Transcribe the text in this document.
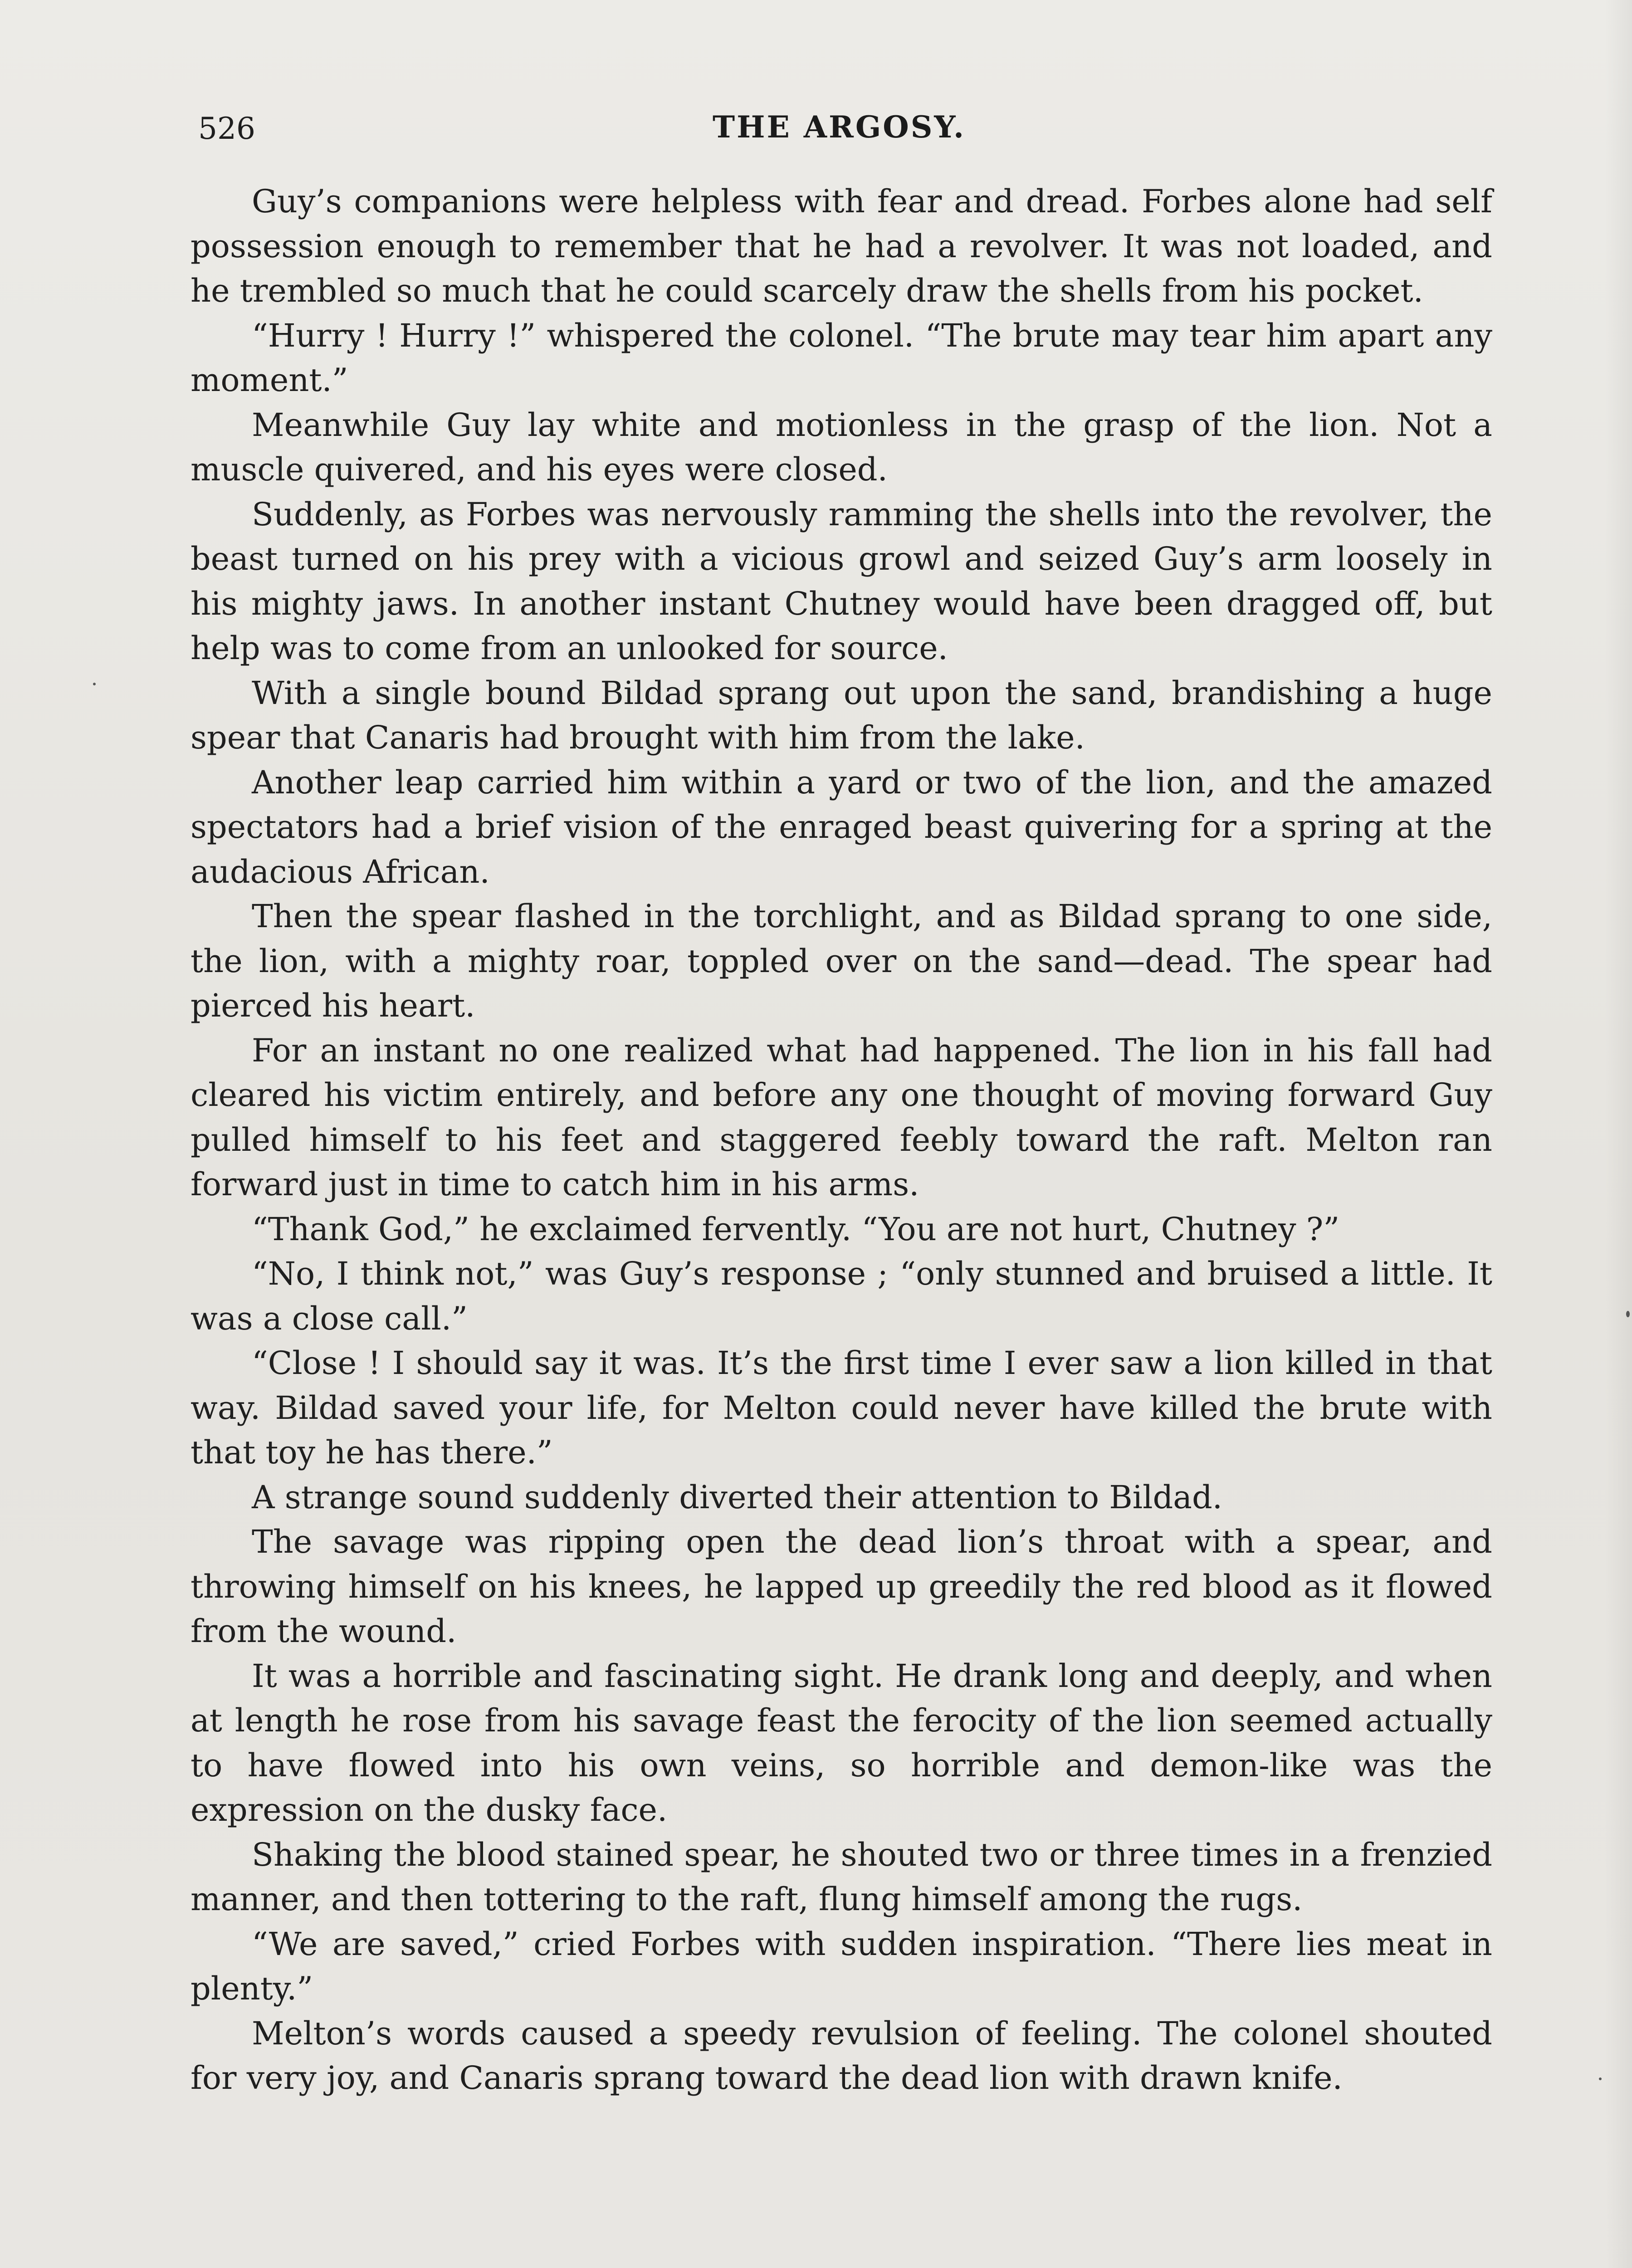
526	THE ARGOSY.

Guy’s companions were helpless with fear and dread. Forbes alone had self possession enough to remember that he had a revolver. It was not loaded, and he trembled so much that he could scarcely draw the shells from his pocket.

“Hurry ! Hurry !” whispered the colonel. “The brute may tear him apart any moment.”

Meanwhile Guy lay white and motionless in the grasp of the lion. Not a muscle quivered, and his eyes were closed.

Suddenly, as Forbes was nervously ramming the shells into the revolver, the beast turned on his prey with a vicious growl and seized Guy’s arm loosely in his mighty jaws. In another instant Chutney would have been dragged off, but help was to come from an unlooked for source.

With a single bound Bildad sprang out upon the sand, brandishing a huge spear that Canaris had brought with him from the lake.

Another leap carried him within a yard or two of the lion, and the amazed spectators had a brief vision of the enraged beast quivering for a spring at the audacious African.

Then the spear flashed in the torchlight, and as Bildad sprang to one side, the lion, with a mighty roar, toppled over on the sand—dead. The spear had pierced his heart.

For an instant no one realized what had happened. The lion in his fall had cleared his victim entirely, and before any one thought of moving forward Guy pulled himself to his feet and staggered feebly toward the raft. Melton ran forward just in time to catch him in his arms.

“Thank God,” he exclaimed fervently. “You are not hurt, Chutney ?”

“No, I think not,” was Guy’s response ; “only stunned and bruised a little. It was a close call.”

“Close ! I should say it was. It’s the first time I ever saw a lion killed in that way. Bildad saved your life, for Melton could never have killed the brute with that toy he has there.”

A strange sound suddenly diverted their attention to Bildad.

The savage was ripping open the dead lion’s throat with a spear, and throwing himself on his knees, he lapped up greedily the red blood as it flowed from the wound.

It was a horrible and fascinating sight. He drank long and deeply, and when at length he rose from his savage feast the ferocity of the lion seemed actually to have flowed into his own veins, so horrible and demon-like was the expression on the dusky face.

Shaking the blood stained spear, he shouted two or three times in a frenzied manner, and then tottering to the raft, flung himself among the rugs.

“We are saved,” cried Forbes with sudden inspiration. “There lies meat in plenty.”

Melton’s words caused a speedy revulsion of feeling. The colonel shouted for very joy, and Canaris sprang toward the dead lion with drawn knife.
